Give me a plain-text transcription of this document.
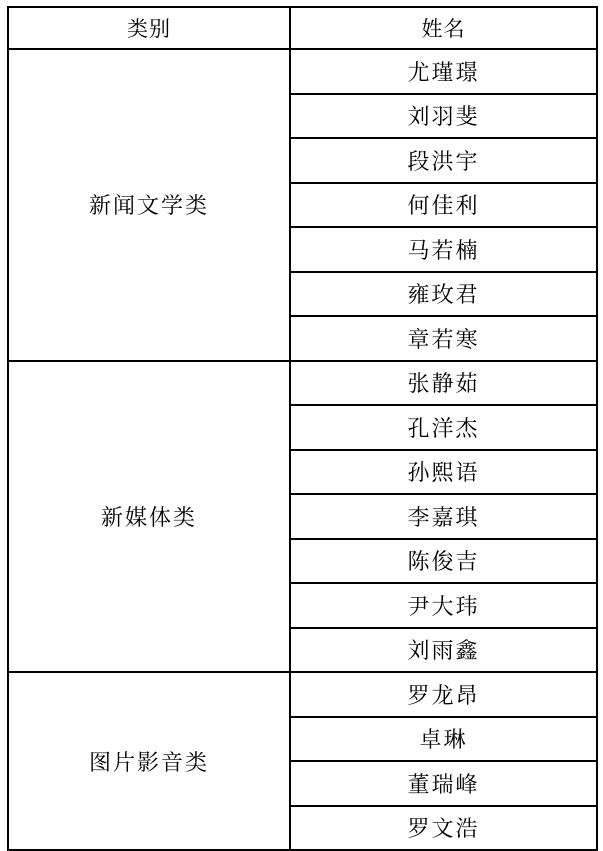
类别	姓名
新闻文学类	尤瑾璟
	刘羽斐
	段洪宇
	何佳利
	马若楠
	雍玫君
	章若寒
新媒体类	张静茹
	孔洋杰
	孙熙语
	李嘉琪
	陈俊吉
	尹大玮
	刘雨鑫
图片影音类	罗龙昂
	卓琳
	董瑞峰
	罗文浩
